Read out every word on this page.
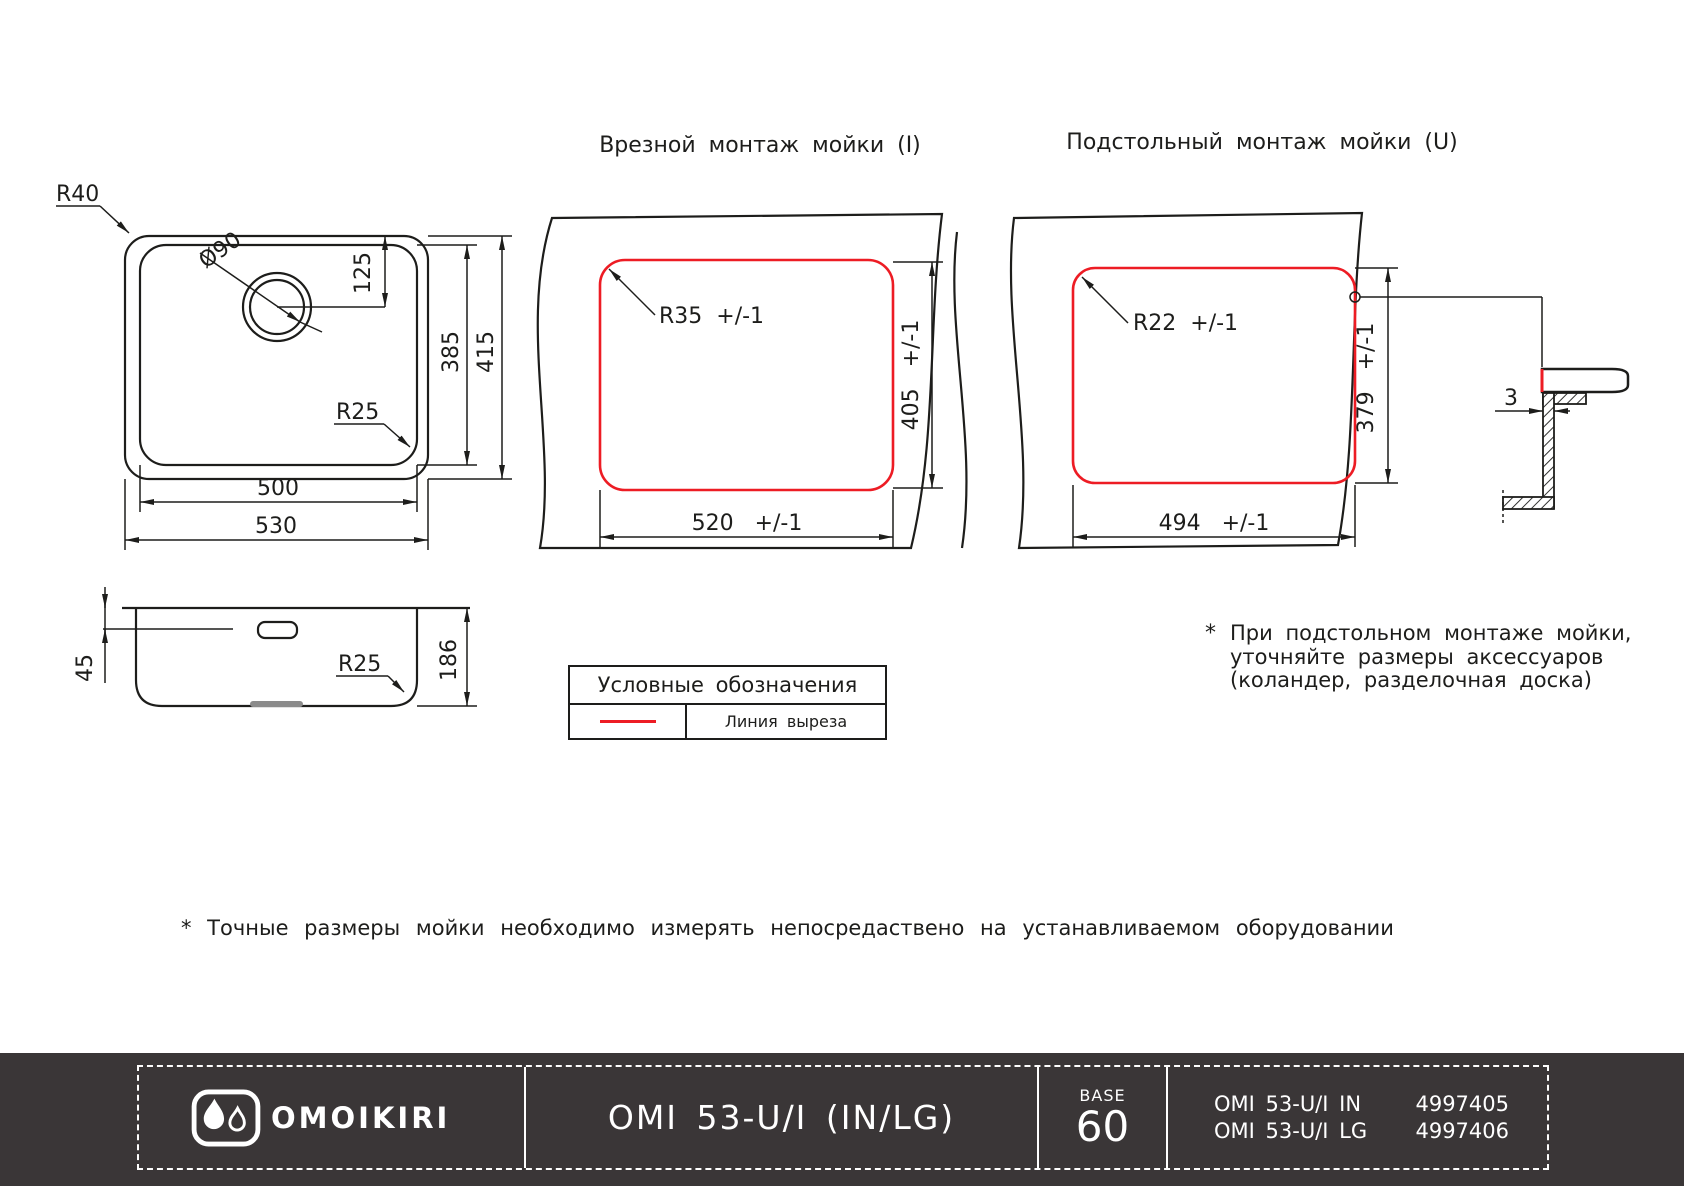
Ø90
R40
R25
125
385 415
500
530
45	186
R25
Врезной монтаж мойки (I)
R35  +/-1
405   +/-1
520   +/-1
Подстольный монтаж мойки (U)
R22  +/-1	379   +/-1
494   +/-1
3
Условные обозначения
Линия выреза
* При подстольном монтаже мойки,
уточняйте размеры аксессуаров
(коландер, разделочная доска)
* Точные размеры мойки необходимо измерять непосредаствено на устанавливаемом оборудовании
OMOIKIRI	OMI 53-U/I (IN/LG)
BASE
60	OMI 53-U/I IN	4997405
OMI 53-U/I LG 4997406
